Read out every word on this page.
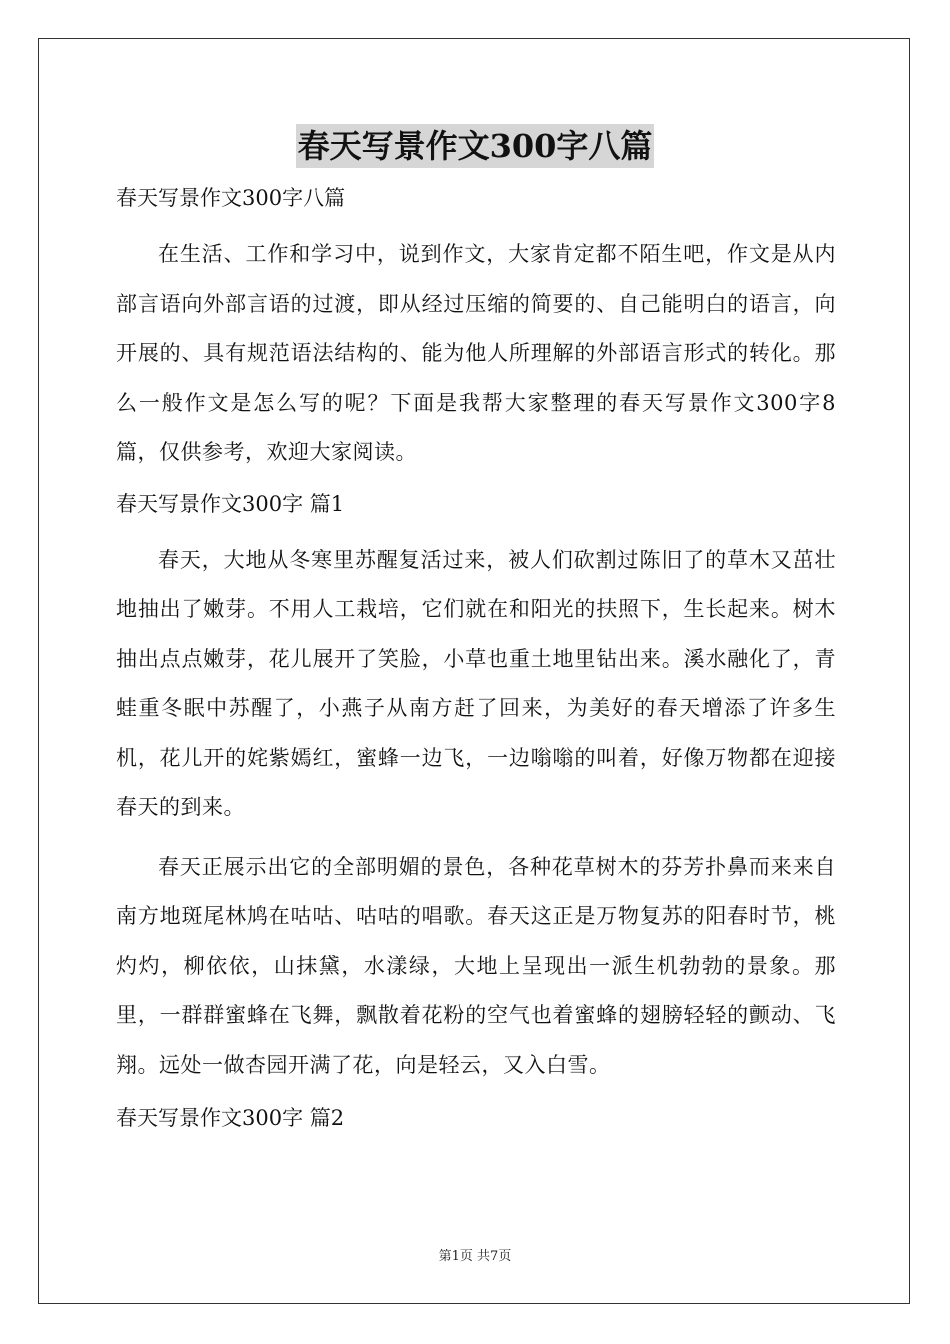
春天写景作文300字八篇

春天写景作文300字八篇

在生活、工作和学习中，说到作文，大家肯定都不陌生吧，作文是从内部言语向外部言语的过渡，即从经过压缩的简要的、自己能明白的语言，向开展的、具有规范语法结构的、能为他人所理解的外部语言形式的转化。那么一般作文是怎么写的呢？下面是我帮大家整理的春天写景作文300字8篇，仅供参考，欢迎大家阅读。

春天写景作文300字 篇1

春天，大地从冬寒里苏醒复活过来，被人们砍割过陈旧了的草木又茁壮地抽出了嫩芽。不用人工栽培，它们就在和阳光的扶照下，生长起来。树木抽出点点嫩芽，花儿展开了笑脸，小草也重土地里钻出来。溪水融化了，青蛙重冬眠中苏醒了，小燕子从南方赶了回来，为美好的春天增添了许多生机，花儿开的姹紫嫣红，蜜蜂一边飞，一边嗡嗡的叫着，好像万物都在迎接春天的到来。

春天正展示出它的全部明媚的景色，各种花草树木的芬芳扑鼻而来来自南方地斑尾林鸠在咕咕、咕咕的唱歌。春天这正是万物复苏的阳春时节，桃灼灼，柳依依，山抹黛，水漾绿，大地上呈现出一派生机勃勃的景象。那里，一群群蜜蜂在飞舞，飘散着花粉的空气也着蜜蜂的翅膀轻轻的颤动、飞翔。远处一做杏园开满了花，向是轻云，又入白雪。

春天写景作文300字 篇2

第1页 共7页
